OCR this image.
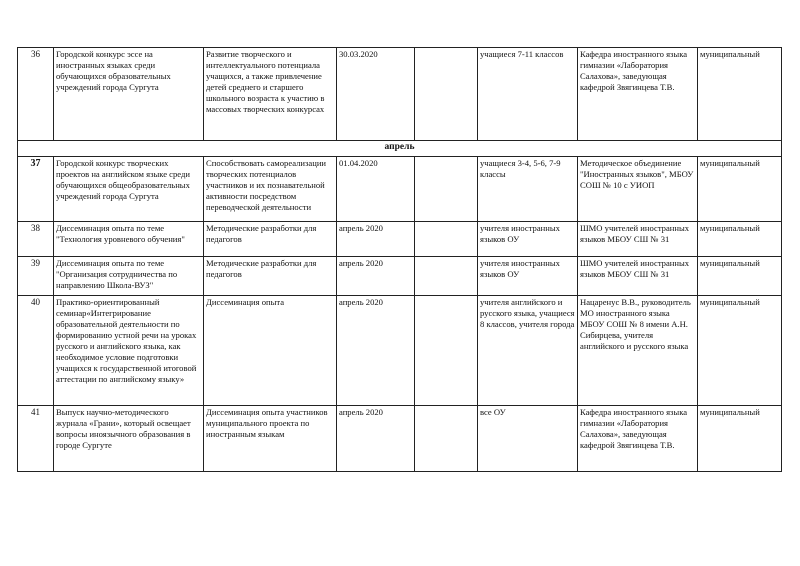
36	Городской конкурс эссе на иностранных языках среди обучающихся образовательных учреждений города Сургута	Развитие творческого и интеллектуального потенциала учащихся, а также привлечение детей среднего и старшего школьного возраста к участию в массовых творческих конкурсах	30.03.2020		учащиеся 7-11 классов	Кафедра иностранного языка гимназии «Лаборатория Салахова», заведующая кафедрой Звягинцева Т.В.	муниципальный
апрель							
37	Городской конкурс творческих проектов на английском языке среди обучающихся общеобразовательных учреждений города Сургута	Способствовать самореализации творческих потенциалов участников и их познавательной активности посредством переводческой деятельности	01.04.2020		учащиеся 3-4, 5-6, 7-9 классы	Методическое объединение "Иностранных языков", МБОУ СОШ № 10 с УИОП	муниципальный
38	Диссеминация опыта по теме "Технология уровневого обучения"	Методические разработки для педагогов	апрель 2020		учителя иностранных языков ОУ	ШМО учителей иностранных языков МБОУ СШ № 31	муниципальный
39	Диссеминация опыта по теме "Организация сотрудничества по направлению Школа-ВУЗ"	Методические разработки для педагогов	апрель 2020		учителя иностранных языков ОУ	ШМО учителей иностранных языков МБОУ СШ № 31	муниципальный
40	Практико-ориентированный семинар«Интегрирование образовательной деятельности по формированию устной речи на уроках русского и английского языка, как необходимое условие подготовки учащихся к государственной итоговой аттестации по английскому языку»	Диссеминация опыта	апрель 2020		учителя английского и русского языка, учащиеся 8 классов, учителя города	Нацаренус В.В., руководитель МО иностранного языка МБОУ СОШ № 8 имени А.Н. Сибирцева, учителя английского и русского языка	муниципальный
41	Выпуск научно-методического журнала «Грани», который освещает вопросы иноязычного образования в городе Сургуте	Диссеминация опыта участников муниципального проекта по иностранным языкам	апрель 2020		все ОУ	Кафедра иностранного языка гимназии «Лаборатория Салахова», заведующая кафедрой Звягинцева Т.В.	муниципальный
